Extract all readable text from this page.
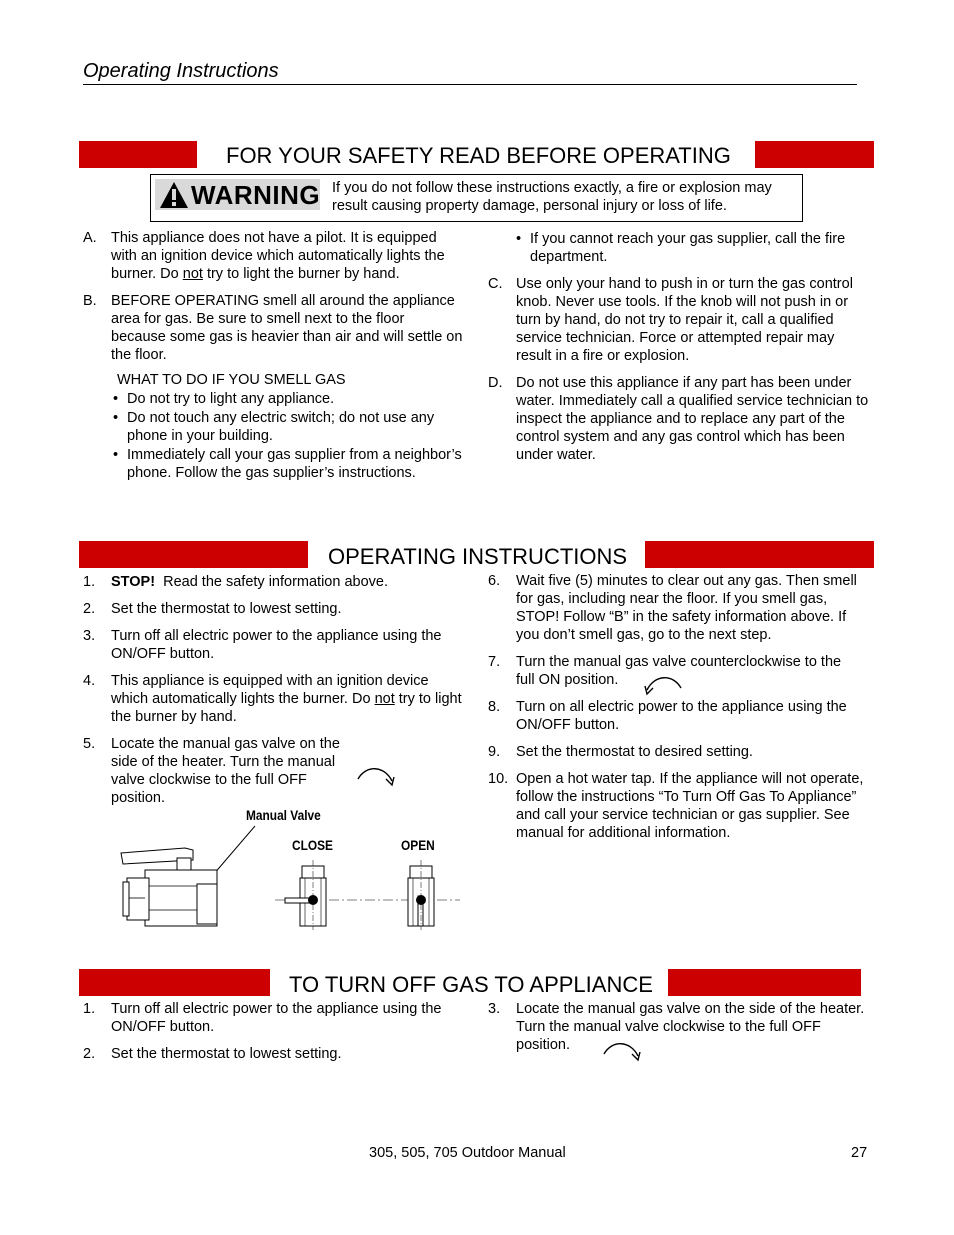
Operating Instructions
FOR YOUR SAFETY READ BEFORE OPERATING
WARNING If you do not follow these instructions exactly, a fire or explosion may result causing property damage, personal injury or loss of life.
A. This appliance does not have a pilot. It is equipped with an ignition device which automatically lights the burner. Do not try to light the burner by hand.
B. BEFORE OPERATING smell all around the appliance area for gas. Be sure to smell next to the floor because some gas is heavier than air and will settle on the floor.
WHAT TO DO IF YOU SMELL GAS
• Do not try to light any appliance.
• Do not touch any electric switch; do not use any phone in your building.
• Immediately call your gas supplier from a neighbor’s phone. Follow the gas supplier’s instructions.
• If you cannot reach your gas supplier, call the fire department.
C. Use only your hand to push in or turn the gas control knob. Never use tools. If the knob will not push in or turn by hand, do not try to repair it, call a qualified service technician. Force or attempted repair may result in a fire or explosion.
D. Do not use this appliance if any part has been under water. Immediately call a qualified service technician to inspect the appliance and to replace any part of the control system and any gas control which has been under water.
OPERATING INSTRUCTIONS
1. STOP!  Read the safety information above.
2. Set the thermostat to lowest setting.
3. Turn off all electric power to the appliance using the ON/OFF button.
4. This appliance is equipped with an ignition device which automatically lights the burner. Do not try to light the burner by hand.
5. Locate the manual gas valve on the side of the heater. Turn the manual valve clockwise to the full OFF position.
6. Wait five (5) minutes to clear out any gas. Then smell for gas, including near the floor. If you smell gas, STOP! Follow “B” in the safety information above. If you don’t smell gas, go to the next step.
7. Turn the manual gas valve counterclockwise to the full ON position.
8. Turn on all electric power to the appliance using the ON/OFF button.
9. Set the thermostat to desired setting.
10. Open a hot water tap. If the appliance will not operate, follow the instructions “To Turn Off Gas To Appliance” and call your service technician or gas supplier. See manual for additional information.
Manual Valve
CLOSE	OPEN
TO TURN OFF GAS TO APPLIANCE
1. Turn off all electric power to the appliance using the ON/OFF button.
2. Set the thermostat to lowest setting.
3. Locate the manual gas valve on the side of the heater. Turn the manual valve clockwise to the full OFF position.
305, 505, 705 Outdoor Manual	27
